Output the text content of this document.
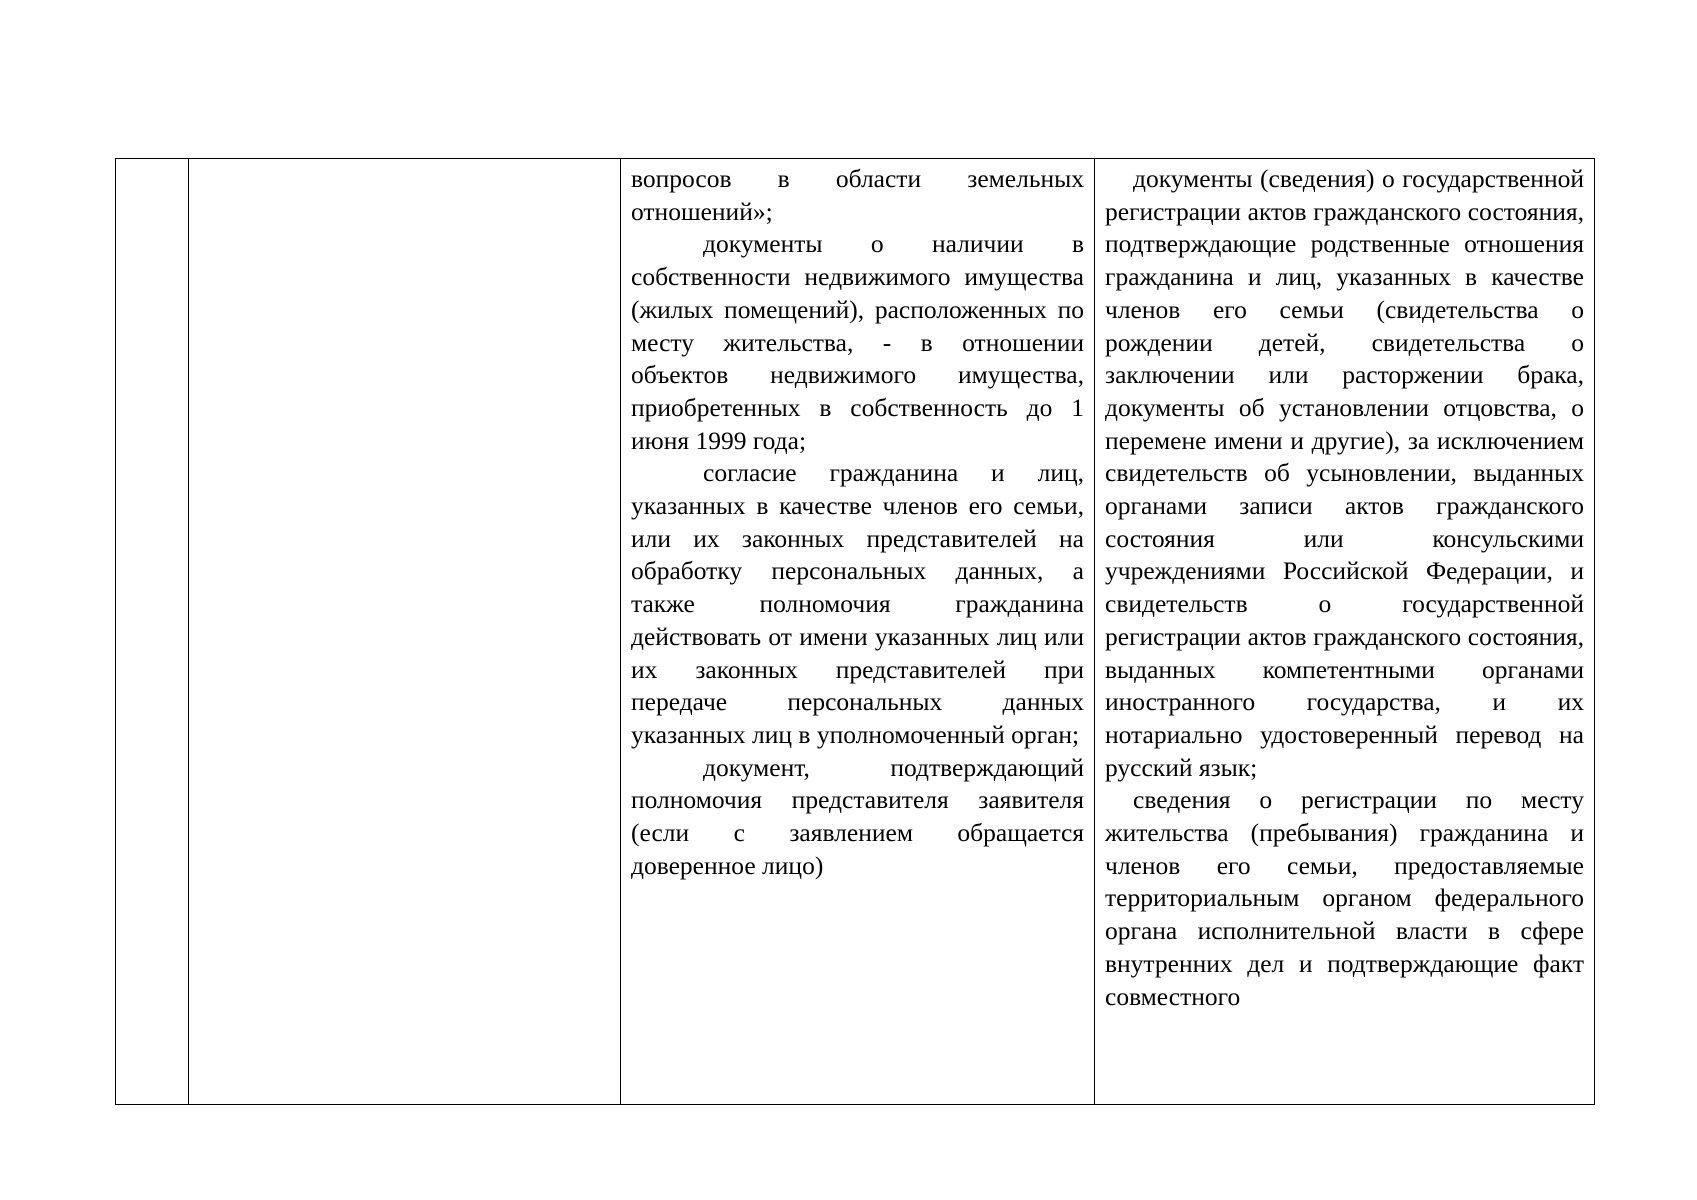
вопросов в области земельных отношений»;

документы о наличии в собственности недвижимого имущества (жилых помещений), расположенных по месту жительства, - в отношении объектов недвижимого имущества, приобретенных в собственность до 1 июня 1999 года;

согласие гражданина и лиц, указанных в качестве членов его семьи, или их законных представителей на обработку персональных данных, а также полномочия гражданина действовать от имени указанных лиц или их законных представителей при передаче персональных данных указанных лиц в уполномоченный орган;

документ, подтверждающий полномочия представителя заявителя (если с заявлением обращается доверенное лицо)

документы (сведения) о государственной регистрации актов гражданского состояния, подтверждающие родственные отношения гражданина и лиц, указанных в качестве членов его семьи (свидетельства о рождении детей, свидетельства о заключении или расторжении брака, документы об установлении отцовства, о перемене имени и другие), за исключением свидетельств об усыновлении, выданных органами записи актов гражданского состояния или консульскими учреждениями Российской Федерации, и свидетельств о государственной регистрации актов гражданского состояния, выданных компетентными органами иностранного государства, и их нотариально удостоверенный перевод на русский язык;

сведения о регистрации по месту жительства (пребывания) гражданина и членов его семьи, предоставляемые территориальным органом федерального органа исполнительной власти в сфере внутренних дел и подтверждающие факт совместного
